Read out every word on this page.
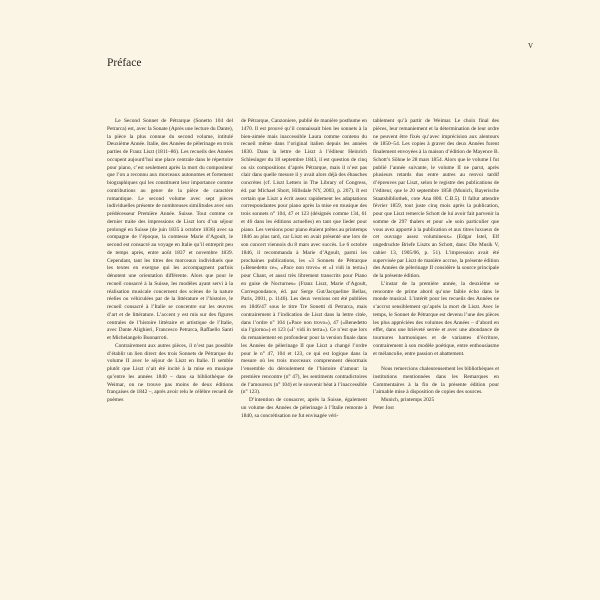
V
Préface

Le Second Sonnet de Pétrarque (Sonetto 104 del Petrarca) est, avec la Sonate (Après une lecture du Dante), la pièce la plus connue du second volume, intitulé Deuxième Année. Italie, des Années de pèlerinage en trois parties de Franz Liszt (1811–86). Les recueils des Années occupent aujourd’hui une place centrale dans le répertoire pour piano, c’est seulement après la mort du compositeur que l’on a reconnu aux morceaux autonomes et fortement biographiques qui les constituent leur importance comme contributions au genre de la pièce de caractère romantique. Le second volume avec sept pièces individuelles présente de nombreuses similitudes avec son prédécesseur Première Année. Suisse. Tout comme ce dernier traite des impressions de Liszt lors d’un séjour prolongé en Suisse (de juin 1835 à octobre 1836) avec sa compagne de l’époque, la comtesse Marie d’Agoult, le second est consacré au voyage en Italie qu’il entreprit peu de temps après, entre août 1837 et novembre 1839. Cependant, tant les titres des morceaux individuels que les textes en exergue qui les accompagnent parfois dénotent une orientation différente. Alors que pour le recueil consacré à la Suisse, les modèles ayant servi à la réalisation musicale concernent des scènes de la nature réelles ou véhiculées par de la littérature et l’histoire, le recueil consacré à l’Italie se concentre sur les œuvres d’art et de littérature. L’accent y est mis sur des figures centrales de l’histoire littéraire et artistique de l’Italie, avec Dante Alighieri, Francesco Petrarca, Raffaello Santi et Michelangelo Buonarroti.

Contrairement aux autres pièces, il n’est pas possible d’établir un lien direct des trois Sonnets de Pétrarque du volume II avec le séjour de Liszt en Italie. Il semble plutôt que Liszt n’ait été incité à la mise en musique qu’entre les années 1840 – dans sa bibliothèque de Weimar, on ne trouve pas moins de deux éditions françaises de 1842 –, après avoir relu le célèbre recueil de poèmes

de Pétrarque, Canzoniere, publié de manière posthume en 1470. Il est prouvé qu’il connaissait bien les sonnets à la bien-aimée mais inaccessible Laura comme contenu du recueil même dans l’original italien depuis les années 1830. Dans la lettre de Liszt à l’éditeur Heinrich Schlesinger du 18 septembre 1843, il est question de cinq ou six compositions d’après Pétrarque, mais il n’est pas clair dans quelle mesure il y avait alors déjà des ébauches concrètes (cf. Liszt Letters in The Library of Congress, éd. par Michael Short, Hillsdale NY, 2003, p. 267). Il est certain que Liszt a écrit assez rapidement les adaptations correspondantes pour piano après la mise en musique des trois sonnets n° 104, 47 et 123 (désignés comme 134, 61 et 46 dans les éditions actuelles) en tant que lieder pour piano. Les versions pour piano étaient prêtes au printemps 1846 au plus tard, car Liszt en avait présenté une lors de son concert viennois du 8 mars avec succès. Le 6 octobre 1846, il recommanda à Marie d’Agoult, parmi les prochaines publications, les «3 Sonnets de Pétrarque («Benedetto ce», «Pace non trovo» et «I vidi in terra») pour Chant, et aussi très librement transcrits pour Piano en guise de Nocturnes» (Franz Liszt, Marie d’Agoult, Correspondance, éd. par Serge Gut/Jacqueline Bellas, Paris, 2001, p. 1146). Les deux versions ont été publiées en 1846/47 sous le titre Tre Sonetti di Petrarca, mais contrairement à l’indication de Liszt dans la lettre citée, dans l’ordre n° 104 («Pace non trovo»), 47 («Benedetto sia l’giorno») et 123 («I’ vidi in terra»). Ce n’est que lors du remaniement en profondeur pour la version finale dans les Années de pèlerinage II que Liszt a changé l’ordre pour le n° 47, 104 et 123, ce qui est logique dans la mesure où les trois morceaux comprennent désormais l’ensemble du déroulement de l’histoire d’amour: la première rencontre (n° 47), les sentiments contradictoires de l’amoureux (n° 104) et le souvenir béat à l’inaccessible (n° 123).

D’intention de consacrer, après la Suisse, également un volume des Années de pèlerinage à l’Italie remonte à 1840, sa concrétisation ne fut envisagée véri-

tablement qu’à partir de Weimar. Le choix final des pièces, leur remaniement et la détermination de leur ordre ne peuvent être fixés qu’avec imprécision aux alentours de 1850–54. Les copies à graver des deux Années furent finalement envoyées à la maison d’édition de Mayence B. Schott’s Söhne le 28 mars 1854. Alors que le volume I fut publié l’année suivante, le volume II ne parut, après plusieurs retards dus entre autres au renvoi tardif d’épreuves par Liszt, selon le registre des publications de l’éditeur, que le 20 septembre 1858 (Munich, Bayerische Staatsbibliothek, cote Ana 800. C.B.5). Il fallut attendre février 1859, tout juste cinq mois après la publication, pour que Liszt remercie Schott de lui avoir fait parvenir la somme de 297 thalers et pour «le soin particulier que vous avez apporté à la publication et aux titres luxueux de cet ouvrage assez volumineux» (Edgar Istel, Elf ungedruckte Briefe Liszts an Schott, dans: Die Musik V, cahier 13, 1905/06, p. 51). L’impression avait été supervisée par Liszt de manière accrue, la présente édition des Années de pèlerinage II considère la source principale de la présente édition.

L’instar de la première année, la deuxième se rencontre de prime abord qu’une faible écho dans le monde musical. L’intérêt pour les recueils des Années ne s’accrut sensiblement qu’après la mort de Liszt. Avec le temps, le Sonnet de Pétrarque est devenu l’une des pièces les plus appréciées des volumes des Années – d’abord en effet, dans une brièveté serrée et avec une abondance de tournures harmoniques et de variantes d’écriture, contrairement à son modèle poétique, entre enthousiasme et mélancolie, entre passion et abattement.

Nous remercions chaleureusement les bibliothèques et institutions mentionnées dans les Remarques en Commentaires à la fin de la présente édition pour l’aimable mise à disposition de copies des sources.

Munich, printemps 2025

Peter Jost
